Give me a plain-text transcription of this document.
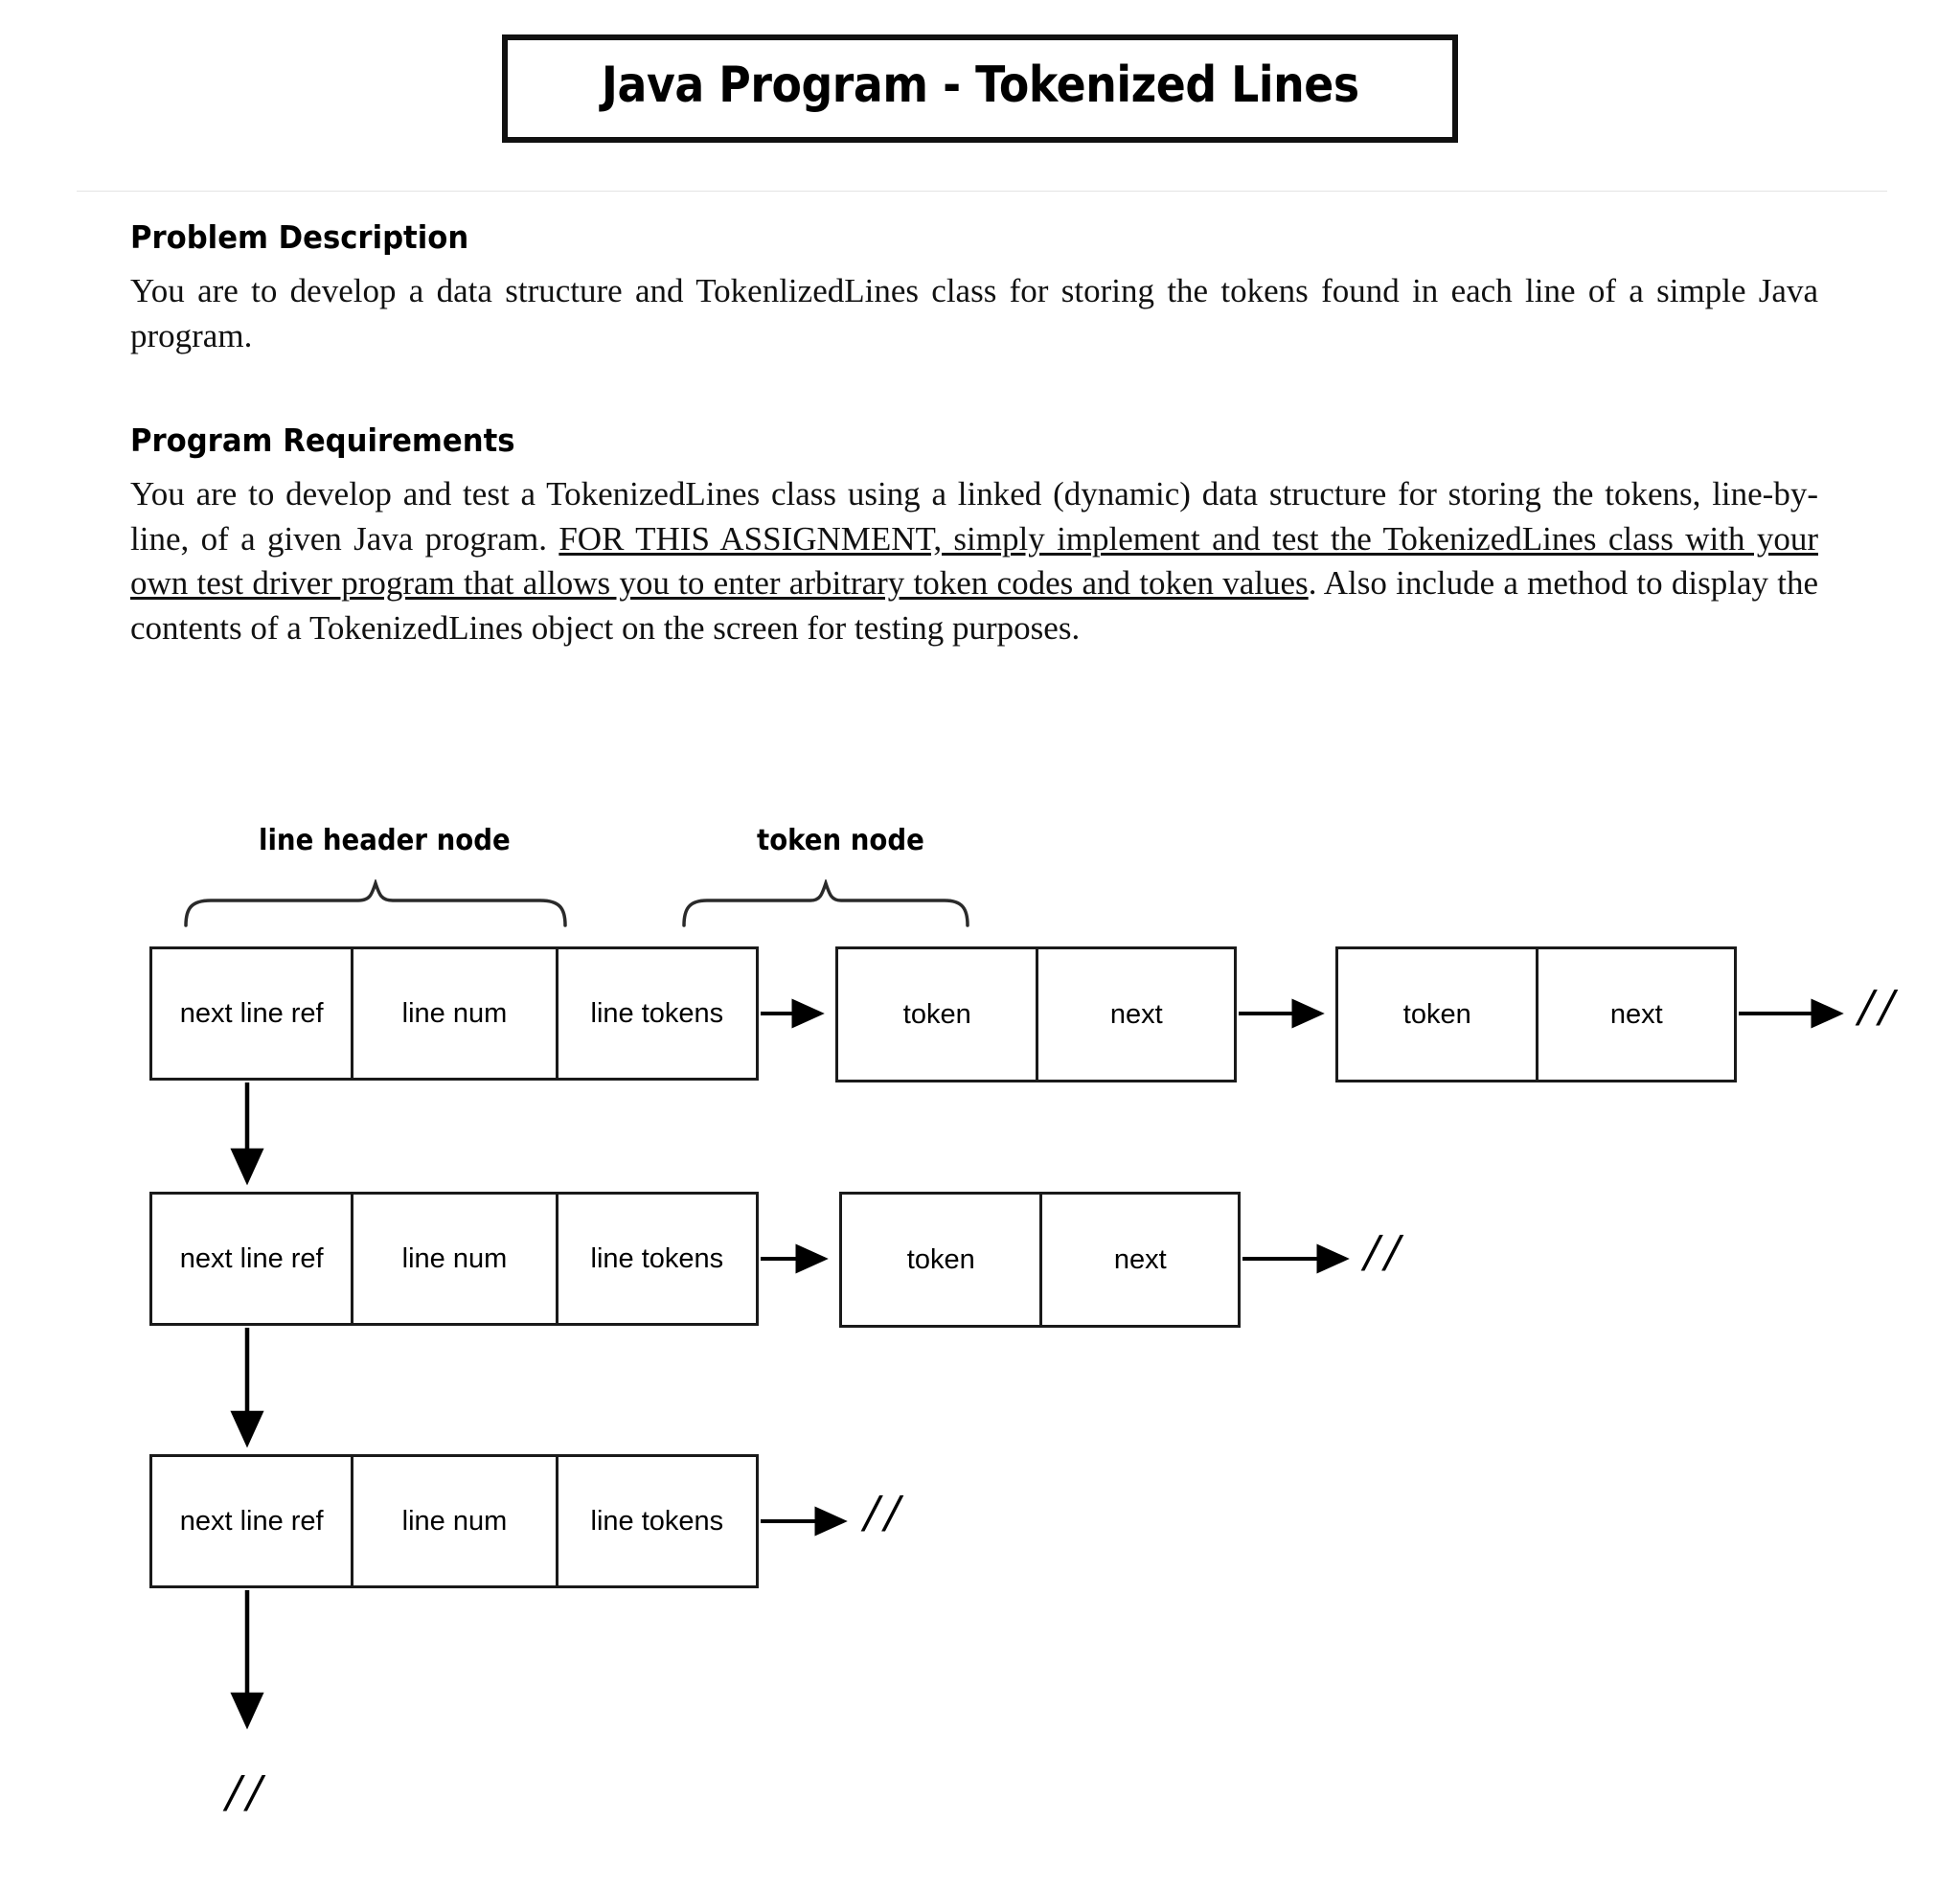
Java Program - Tokenized Lines
Problem Description

You are to develop a data structure and TokenlizedLines class for storing the tokens found in each line of a simple Java program.

Program Requirements

You are to develop and test a TokenizedLines class using a linked (dynamic) data structure for storing the tokens, line-by-line, of a given Java program. FOR THIS ASSIGNMENT, simply implement and test the TokenizedLines class with your own test driver program that allows you to enter arbitrary token codes and token values. Also include a method to display the contents of a TokenizedLines object on the screen for testing purposes.

line header node	token node
next line ref	line num	line tokens	token	next	token	next	//
next line ref	line num	line tokens	token	next	//
next line ref	line num	line tokens	//
//
